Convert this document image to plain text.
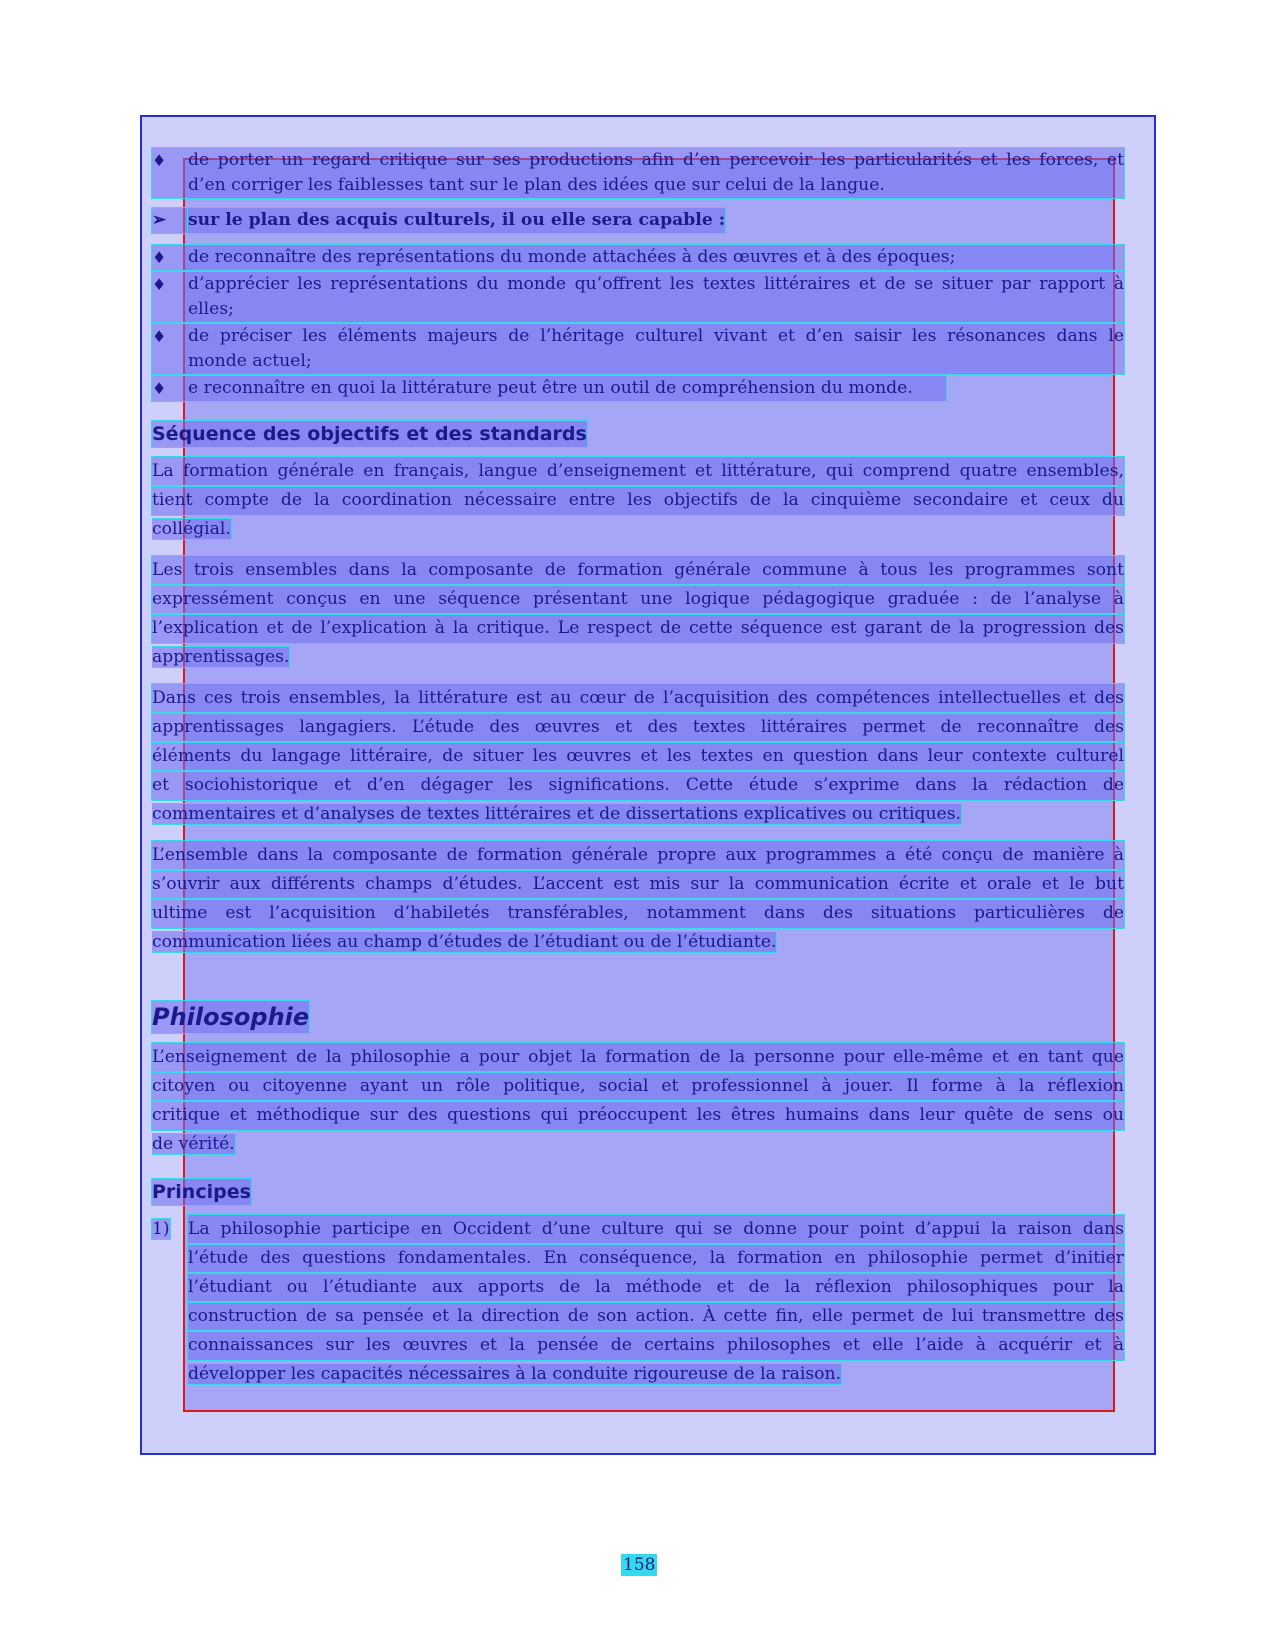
♦	de porter un regard critique sur ses productions afin d’en percevoir les particularités et les forces, et
d’en corriger les faiblesses tant sur le plan des idées que sur celui de la langue.
➢	sur le plan des acquis culturels, il ou elle sera capable :
♦	de reconnaître des représentations du monde attachées à des œuvres et à des époques;
♦	d’apprécier les représentations du monde qu’offrent les textes littéraires et de se situer par rapport à
elles;
♦	de préciser les éléments majeurs de l’héritage culturel vivant et d’en saisir les résonances dans le
monde actuel;
♦	e reconnaître en quoi la littérature peut être un outil de compréhension du monde.
Séquence des objectifs et des standards
La formation générale en français, langue d’enseignement et littérature, qui comprend quatre ensembles,
tient compte de la coordination nécessaire entre les objectifs de la cinquième secondaire et ceux du
collégial.
Les trois ensembles dans la composante de formation générale commune à tous les programmes sont
expressément conçus en une séquence présentant une logique pédagogique graduée : de l’analyse à
l’explication et de l’explication à la critique. Le respect de cette séquence est garant de la progression des
apprentissages.
Dans ces trois ensembles, la littérature est au cœur de l’acquisition des compétences intellectuelles et des
apprentissages langagiers. L’étude des œuvres et des textes littéraires permet de reconnaître des
éléments du langage littéraire, de situer les œuvres et les textes en question dans leur contexte culturel
et sociohistorique et d’en dégager les significations. Cette étude s’exprime dans la rédaction de
commentaires et d’analyses de textes littéraires et de dissertations explicatives ou critiques.
L’ensemble dans la composante de formation générale propre aux programmes a été conçu de manière à
s’ouvrir aux différents champs d’études. L’accent est mis sur la communication écrite et orale et le but
ultime est l’acquisition d’habiletés transférables, notamment dans des situations particulières de
communication liées au champ d’études de l’étudiant ou de l’étudiante.
Philosophie
L’enseignement de la philosophie a pour objet la formation de la personne pour elle-même et en tant que
citoyen ou citoyenne ayant un rôle politique, social et professionnel à jouer. Il forme à la réflexion
critique et méthodique sur des questions qui préoccupent les êtres humains dans leur quête de sens ou
de vérité.
Principes
1)	La philosophie participe en Occident d’une culture qui se donne pour point d’appui la raison dans
l’étude des questions fondamentales. En conséquence, la formation en philosophie permet d’initier
l’étudiant ou l’étudiante aux apports de la méthode et de la réflexion philosophiques pour la
construction de sa pensée et la direction de son action. À cette fin, elle permet de lui transmettre des
connaissances sur les œuvres et la pensée de certains philosophes et elle l’aide à acquérir et à
développer les capacités nécessaires à la conduite rigoureuse de la raison.
158
